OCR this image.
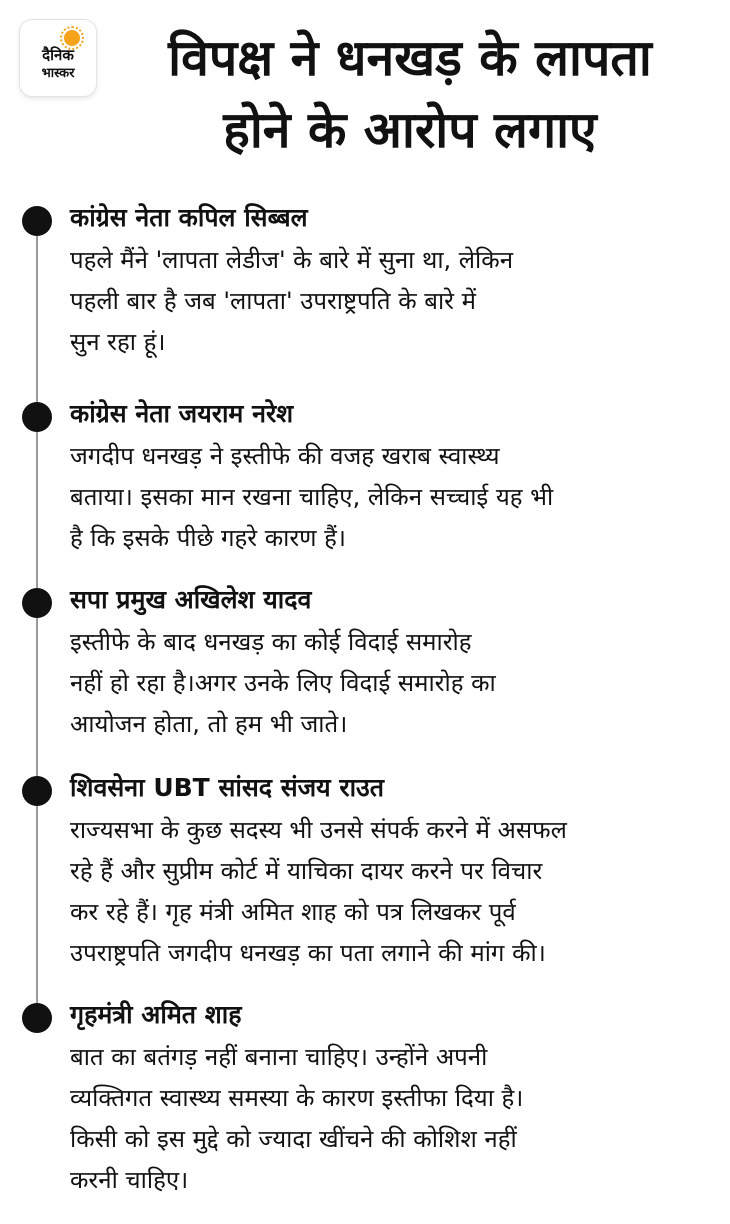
दैनिक
भास्कर	विपक्ष ने धनखड़ के लापता
होने के आरोप लगाए
कांग्रेस नेता कपिल सिब्बल

पहले मैंने 'लापता लेडीज' के बारे में सुना था, लेकिन
पहली बार है जब 'लापता' उपराष्ट्रपति के बारे में
सुन रहा हूं।

कांग्रेस नेता जयराम नरेश

जगदीप धनखड़ ने इस्तीफे की वजह खराब स्वास्थ्य
बताया। इसका मान रखना चाहिए, लेकिन सच्चाई यह भी
है कि इसके पीछे गहरे कारण हैं।

सपा प्रमुख अखिलेश यादव

इस्तीफे के बाद धनखड़ का कोई विदाई समारोह
नहीं हो रहा है।अगर उनके लिए विदाई समारोह का
आयोजन होता, तो हम भी जाते।

शिवसेना UBT सांसद संजय राउत

राज्यसभा के कुछ सदस्य भी उनसे संपर्क करने में असफल
रहे हैं और सुप्रीम कोर्ट में याचिका दायर करने पर विचार
कर रहे हैं। गृह मंत्री अमित शाह को पत्र लिखकर पूर्व
उपराष्ट्रपति जगदीप धनखड़ का पता लगाने की मांग की।

गृहमंत्री अमित शाह

बात का बतंगड़ नहीं बनाना चाहिए। उन्होंने अपनी
व्यक्तिगत स्वास्थ्य समस्या के कारण इस्तीफा दिया है।
किसी को इस मुद्दे को ज्यादा खींचने की कोशिश नहीं
करनी चाहिए।
